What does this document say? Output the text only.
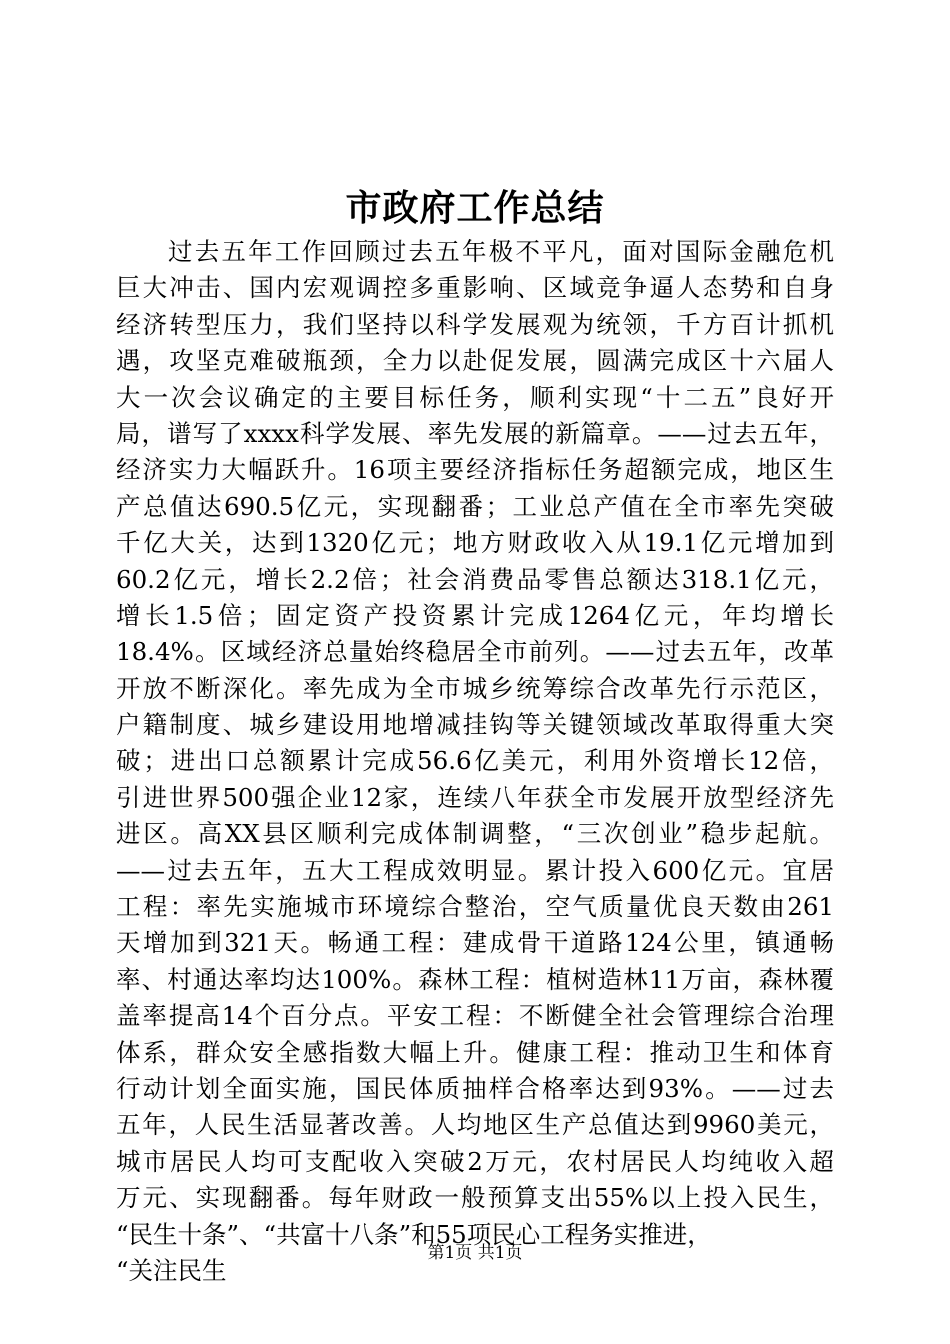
市政府工作总结
过去五年工作回顾过去五年极不平凡，面对国际金融危机
巨大冲击、国内宏观调控多重影响、区域竞争逼人态势和自身
经济转型压力，我们坚持以科学发展观为统领，千方百计抓机
遇，攻坚克难破瓶颈，全力以赴促发展，圆满完成区十六届人
大一次会议确定的主要目标任务，顺利实现“十二五”良好开
局，谱写了xxxx科学发展、率先发展的新篇章。——过去五年，
经济实力大幅跃升。16项主要经济指标任务超额完成，地区生
产总值达690.5亿元，实现翻番；工业总产值在全市率先突破
千亿大关，达到1320亿元；地方财政收入从19.1亿元增加到
60.2亿元，增长2.2倍；社会消费品零售总额达318.1亿元，
增长1.5倍；固定资产投资累计完成1264亿元，年均增长
18.4%。区域经济总量始终稳居全市前列。——过去五年，改革
开放不断深化。率先成为全市城乡统筹综合改革先行示范区，
户籍制度、城乡建设用地增减挂钩等关键领域改革取得重大突
破；进出口总额累计完成56.6亿美元，利用外资增长12倍，
引进世界500强企业12家，连续八年获全市发展开放型经济先
进区。高XX县区顺利完成体制调整，“三次创业”稳步起航。
——过去五年，五大工程成效明显。累计投入600亿元。宜居
工程：率先实施城市环境综合整治，空气质量优良天数由261
天增加到321天。畅通工程：建成骨干道路124公里，镇通畅
率、村通达率均达100%。森林工程：植树造林11万亩，森林覆
盖率提高14个百分点。平安工程：不断健全社会管理综合治理
体系，群众安全感指数大幅上升。健康工程：推动卫生和体育
行动计划全面实施，国民体质抽样合格率达到93%。——过去
五年，人民生活显著改善。人均地区生产总值达到9960美元，
城市居民人均可支配收入突破2万元，农村居民人均纯收入超
万元、实现翻番。每年财政一般预算支出55%以上投入民生，
“民生十条”、“共富十八条”和55项民心工程务实推进，
“关注民生
第1页 共1页
